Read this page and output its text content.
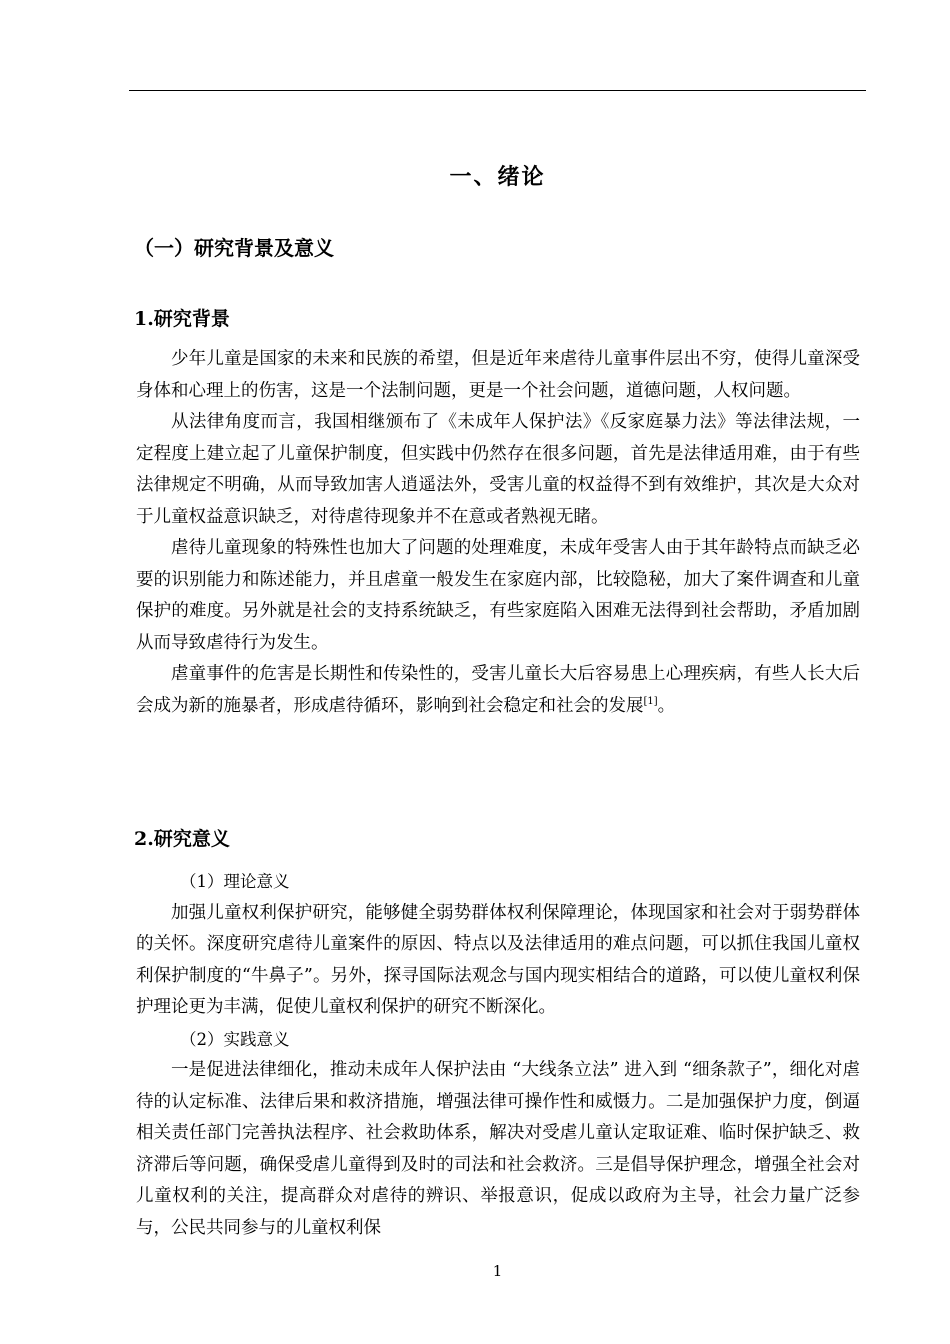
一、绪论
（一）研究背景及意义
1.研究背景

少年儿童是国家的未来和民族的希望，但是近年来虐待儿童事件层出不穷，使得儿童深受身体和心理上的伤害，这是一个法制问题，更是一个社会问题，道德问题，人权问题。

从法律角度而言，我国相继颁布了《未成年人保护法》《反家庭暴力法》等法律法规，一定程度上建立起了儿童保护制度，但实践中仍然存在很多问题，首先是法律适用难，由于有些法律规定不明确，从而导致加害人逍遥法外，受害儿童的权益得不到有效维护，其次是大众对于儿童权益意识缺乏，对待虐待现象并不在意或者熟视无睹。

虐待儿童现象的特殊性也加大了问题的处理难度，未成年受害人由于其年龄特点而缺乏必要的识别能力和陈述能力，并且虐童一般发生在家庭内部，比较隐秘，加大了案件调查和儿童保护的难度。另外就是社会的支持系统缺乏，有些家庭陷入困难无法得到社会帮助，矛盾加剧从而导致虐待行为发生。

虐童事件的危害是长期性和传染性的，受害儿童长大后容易患上心理疾病，有些人长大后会成为新的施暴者，形成虐待循环，影响到社会稳定和社会的发展[1]。

2.研究意义

（1）理论意义

加强儿童权利保护研究，能够健全弱势群体权利保障理论，体现国家和社会对于弱势群体的关怀。深度研究虐待儿童案件的原因、特点以及法律适用的难点问题，可以抓住我国儿童权利保护制度的“牛鼻子”。另外，探寻国际法观念与国内现实相结合的道路，可以使儿童权利保护理论更为丰满，促使儿童权利保护的研究不断深化。

（2）实践意义

一是促进法律细化，推动未成年人保护法由 “大线条立法” 进入到 “细条款子”，细化对虐待的认定标准、法律后果和救济措施，增强法律可操作性和威慑力。二是加强保护力度，倒逼相关责任部门完善执法程序、社会救助体系，解决对受虐儿童认定取证难、临时保护缺乏、救济滞后等问题，确保受虐儿童得到及时的司法和社会救济。三是倡导保护理念，增强全社会对儿童权利的关注，提高群众对虐待的辨识、举报意识，促成以政府为主导，社会力量广泛参与，公民共同参与的儿童权利保

1
